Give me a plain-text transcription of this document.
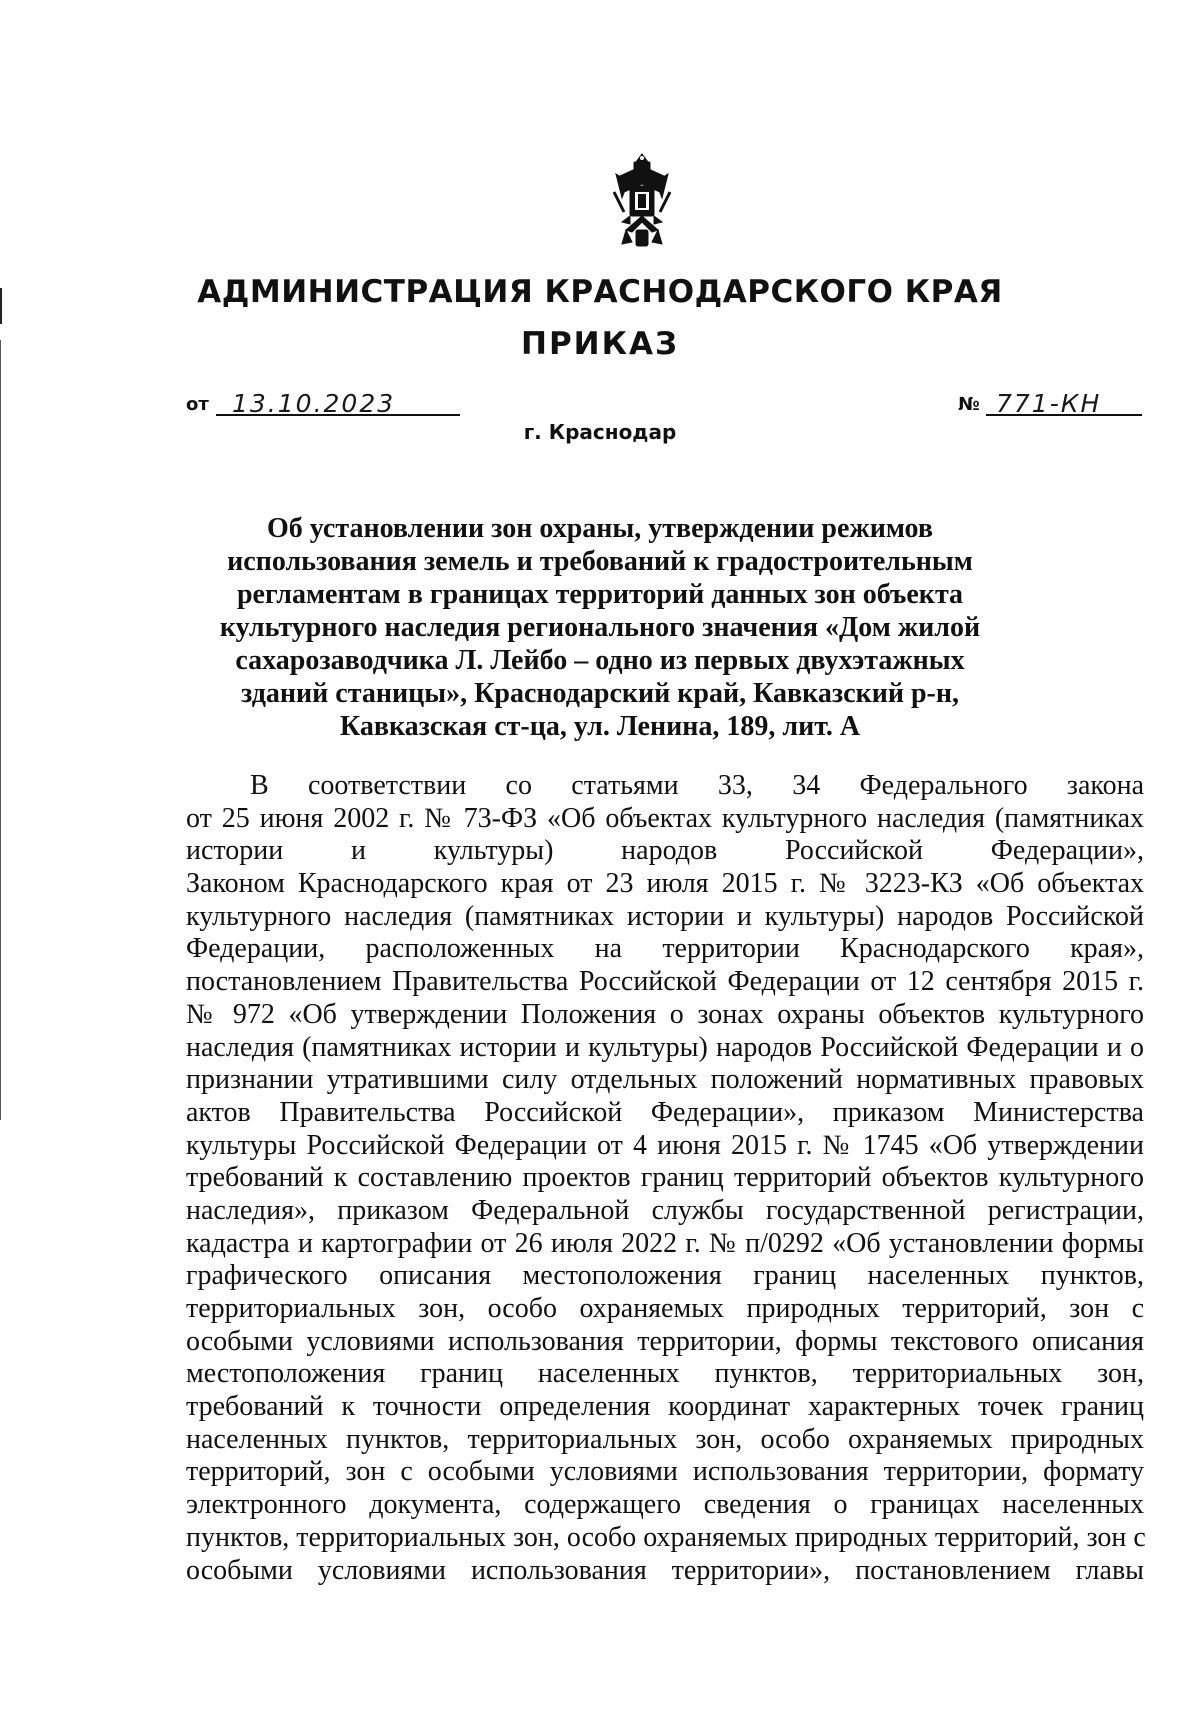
АДМИНИСТРАЦИЯ КРАСНОДАРСКОГО КРАЯ
ПРИКАЗ
от 13.10.2023	№ 771-КН
г. Краснодар
Об установлении зон охраны, утверждении режимов
использования земель и требований к градостроительным
регламентам в границах территорий данных зон объекта
культурного наследия регионального значения «Дом жилой
сахарозаводчика Л. Лейбо – одно из первых двухэтажных
зданий станицы», Краснодарский край, Кавказский р-н,
Кавказская ст-ца, ул. Ленина, 189, лит. А
В соответствии со статьями 33, 34 Федерального закона
от 25 июня 2002 г. № 73-ФЗ «Об объектах культурного наследия (памятниках
истории и культуры) народов Российской Федерации»,
Законом Краснодарского края от 23 июля 2015 г. № 3223-КЗ «Об объектах
культурного наследия (памятниках истории и культуры) народов Российской
Федерации, расположенных на территории Краснодарского края»,
постановлением Правительства Российской Федерации от 12 сентября 2015 г.
№ 972 «Об утверждении Положения о зонах охраны объектов культурного
наследия (памятниках истории и культуры) народов Российской Федерации и о
признании утратившими силу отдельных положений нормативных правовых
актов Правительства Российской Федерации», приказом Министерства
культуры Российской Федерации от 4 июня 2015 г. № 1745 «Об утверждении
требований к составлению проектов границ территорий объектов культурного
наследия», приказом Федеральной службы государственной регистрации,
кадастра и картографии от 26 июля 2022 г. № п/0292 «Об установлении формы
графического описания местоположения границ населенных пунктов,
территориальных зон, особо охраняемых природных территорий, зон с
особыми условиями использования территории, формы текстового описания
местоположения границ населенных пунктов, территориальных зон,
требований к точности определения координат характерных точек границ
населенных пунктов, территориальных зон, особо охраняемых природных
территорий, зон с особыми условиями использования территории, формату
электронного документа, содержащего сведения о границах населенных
пунктов, территориальных зон, особо охраняемых природных территорий, зон с
особыми условиями использования территории», постановлением главы
